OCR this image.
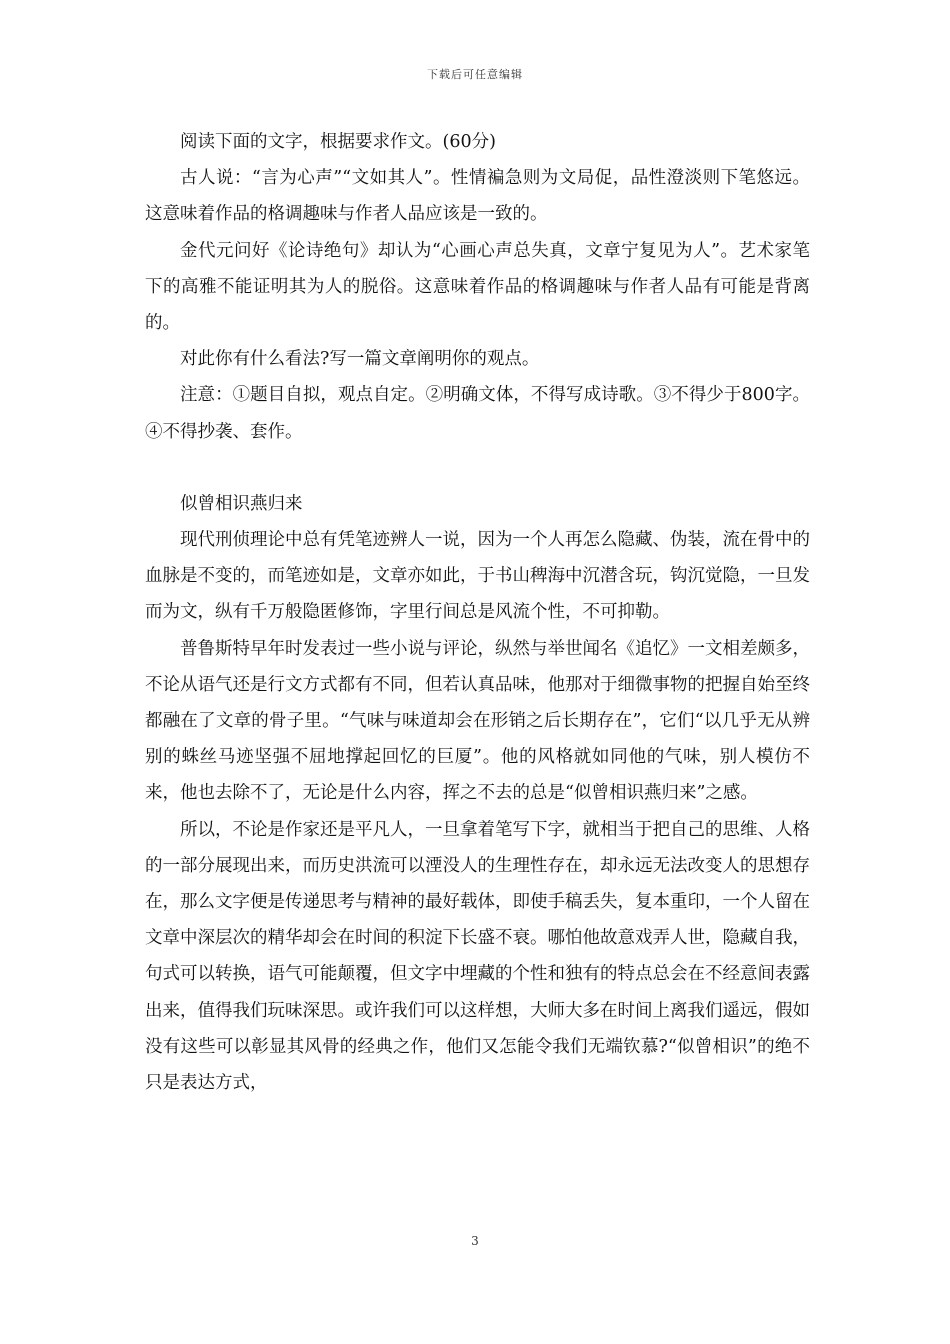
下载后可任意编辑

阅读下面的文字，根据要求作文。(60分)

古人说：“言为心声”“文如其人”。性情褊急则为文局促，品性澄淡则下笔悠远。这意味着作品的格调趣味与作者人品应该是一致的。

金代元问好《论诗绝句》却认为“心画心声总失真，文章宁复见为人”。艺术家笔下的高雅不能证明其为人的脱俗。这意味着作品的格调趣味与作者人品有可能是背离的。

对此你有什么看法?写一篇文章阐明你的观点。

注意：①题目自拟，观点自定。②明确文体，不得写成诗歌。③不得少于800字。④不得抄袭、套作。

似曾相识燕归来

现代刑侦理论中总有凭笔迹辨人一说，因为一个人再怎么隐藏、伪装，流在骨中的血脉是不变的，而笔迹如是，文章亦如此，于书山稗海中沉潜含玩，钩沉觉隐，一旦发而为文，纵有千万般隐匿修饰，字里行间总是风流个性，不可抑勒。

普鲁斯特早年时发表过一些小说与评论，纵然与举世闻名《追忆》一文相差颇多，不论从语气还是行文方式都有不同，但若认真品味，他那对于细微事物的把握自始至终都融在了文章的骨子里。“气味与味道却会在形销之后长期存在”，它们“以几乎无从辨别的蛛丝马迹坚强不屈地撑起回忆的巨厦”。他的风格就如同他的气味，别人模仿不来，他也去除不了，无论是什么内容，挥之不去的总是“似曾相识燕归来”之感。

所以，不论是作家还是平凡人，一旦拿着笔写下字，就相当于把自己的思维、人格的一部分展现出来，而历史洪流可以湮没人的生理性存在，却永远无法改变人的思想存在，那么文字便是传递思考与精神的最好载体，即使手稿丢失，复本重印，一个人留在文章中深层次的精华却会在时间的积淀下长盛不衰。哪怕他故意戏弄人世，隐藏自我，句式可以转换，语气可能颠覆，但文字中埋藏的个性和独有的特点总会在不经意间表露出来，值得我们玩味深思。或许我们可以这样想，大师大多在时间上离我们遥远，假如没有这些可以彰显其风骨的经典之作，他们又怎能令我们无端钦慕?“似曾相识”的绝不只是表达方式，

3
